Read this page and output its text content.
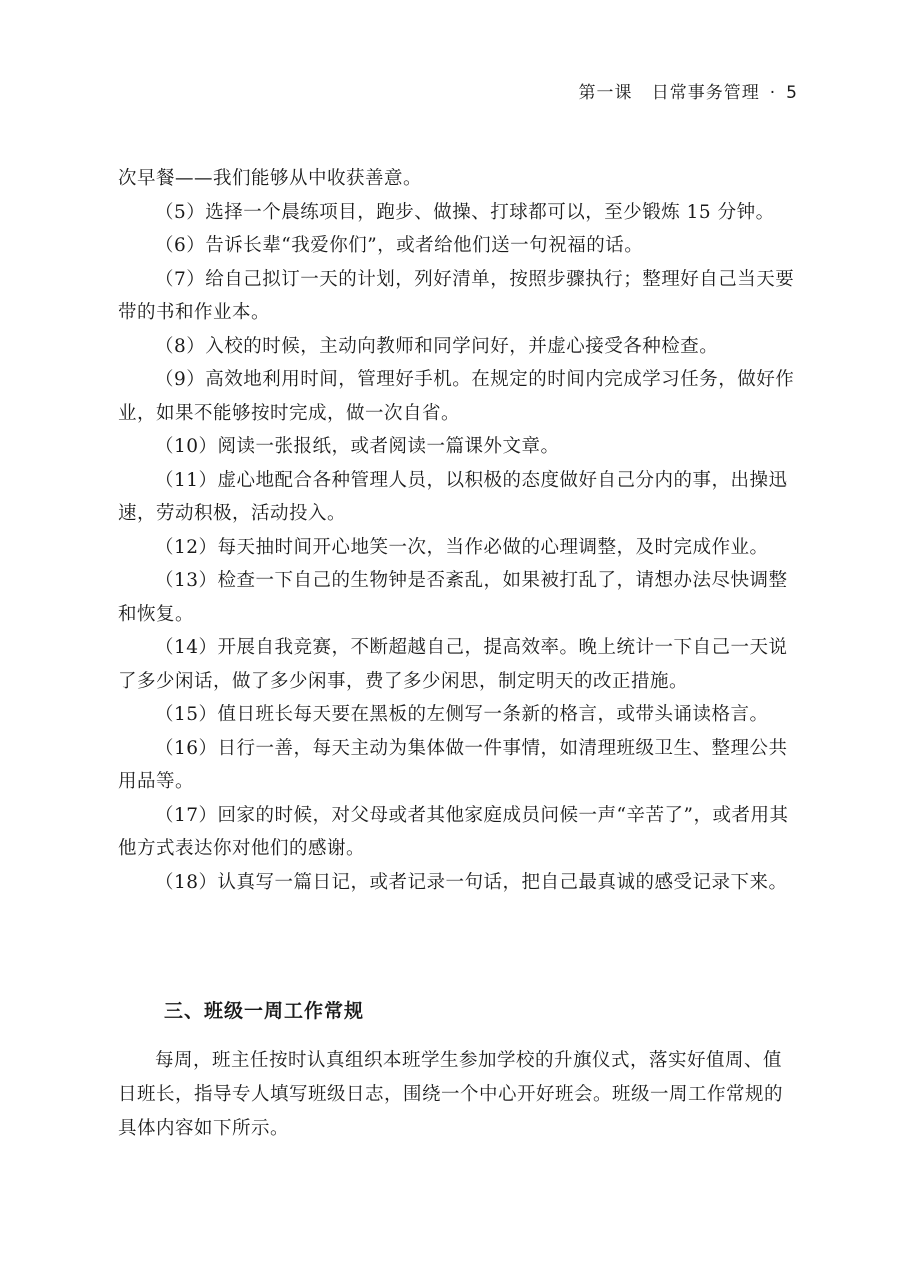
第一课 日常事务管理 · 5

次早餐——我们能够从中收获善意。

（5）选择一个晨练项目，跑步、做操、打球都可以，至少锻炼 15 分钟。

（6）告诉长辈“我爱你们”，或者给他们送一句祝福的话。

（7）给自己拟订一天的计划，列好清单，按照步骤执行；整理好自己当天要带的书和作业本。

（8）入校的时候，主动向教师和同学问好，并虚心接受各种检查。

（9）高效地利用时间，管理好手机。在规定的时间内完成学习任务，做好作业，如果不能够按时完成，做一次自省。

（10）阅读一张报纸，或者阅读一篇课外文章。

（11）虚心地配合各种管理人员，以积极的态度做好自己分内的事，出操迅速，劳动积极，活动投入。

（12）每天抽时间开心地笑一次，当作必做的心理调整，及时完成作业。

（13）检查一下自己的生物钟是否紊乱，如果被打乱了，请想办法尽快调整和恢复。

（14）开展自我竞赛，不断超越自己，提高效率。晚上统计一下自己一天说了多少闲话，做了多少闲事，费了多少闲思，制定明天的改正措施。

（15）值日班长每天要在黑板的左侧写一条新的格言，或带头诵读格言。

（16）日行一善，每天主动为集体做一件事情，如清理班级卫生、整理公共用品等。

（17）回家的时候，对父母或者其他家庭成员问候一声“辛苦了”，或者用其他方式表达你对他们的感谢。

（18）认真写一篇日记，或者记录一句话，把自己最真诚的感受记录下来。

三、班级一周工作常规

每周，班主任按时认真组织本班学生参加学校的升旗仪式，落实好值周、值日班长，指导专人填写班级日志，围绕一个中心开好班会。班级一周工作常规的具体内容如下所示。
